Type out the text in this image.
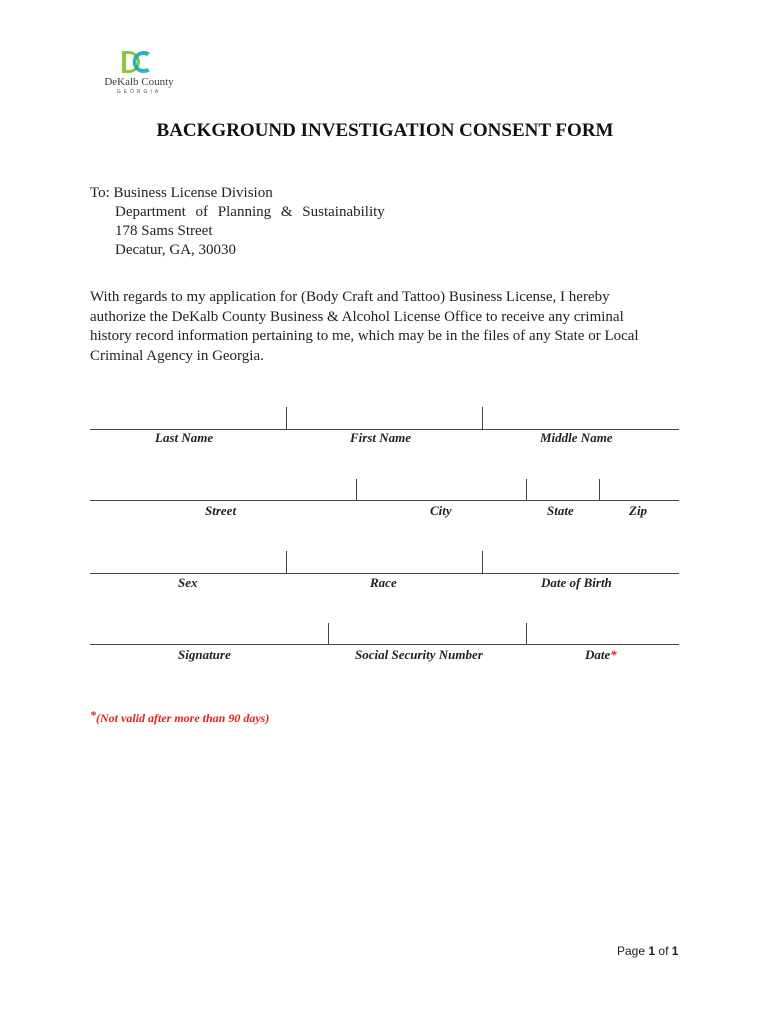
DeKalb County
GEORGIA
BACKGROUND INVESTIGATION CONSENT FORM
To: Business License Division
Department of Planning & Sustainability
178 Sams Street
Decatur, GA, 30030
With regards to my application for (Body Craft and Tattoo) Business License, I hereby
authorize the DeKalb County Business & Alcohol License Office to receive any criminal
history record information pertaining to me, which may be in the files of any State or Local
Criminal Agency in Georgia.
Last Name	First Name	Middle Name
Street	City	State	Zip
Sex	Race	Date of Birth
Signature	Social Security Number	Date*
*(Not valid after more than 90 days)
Page 1 of 1
